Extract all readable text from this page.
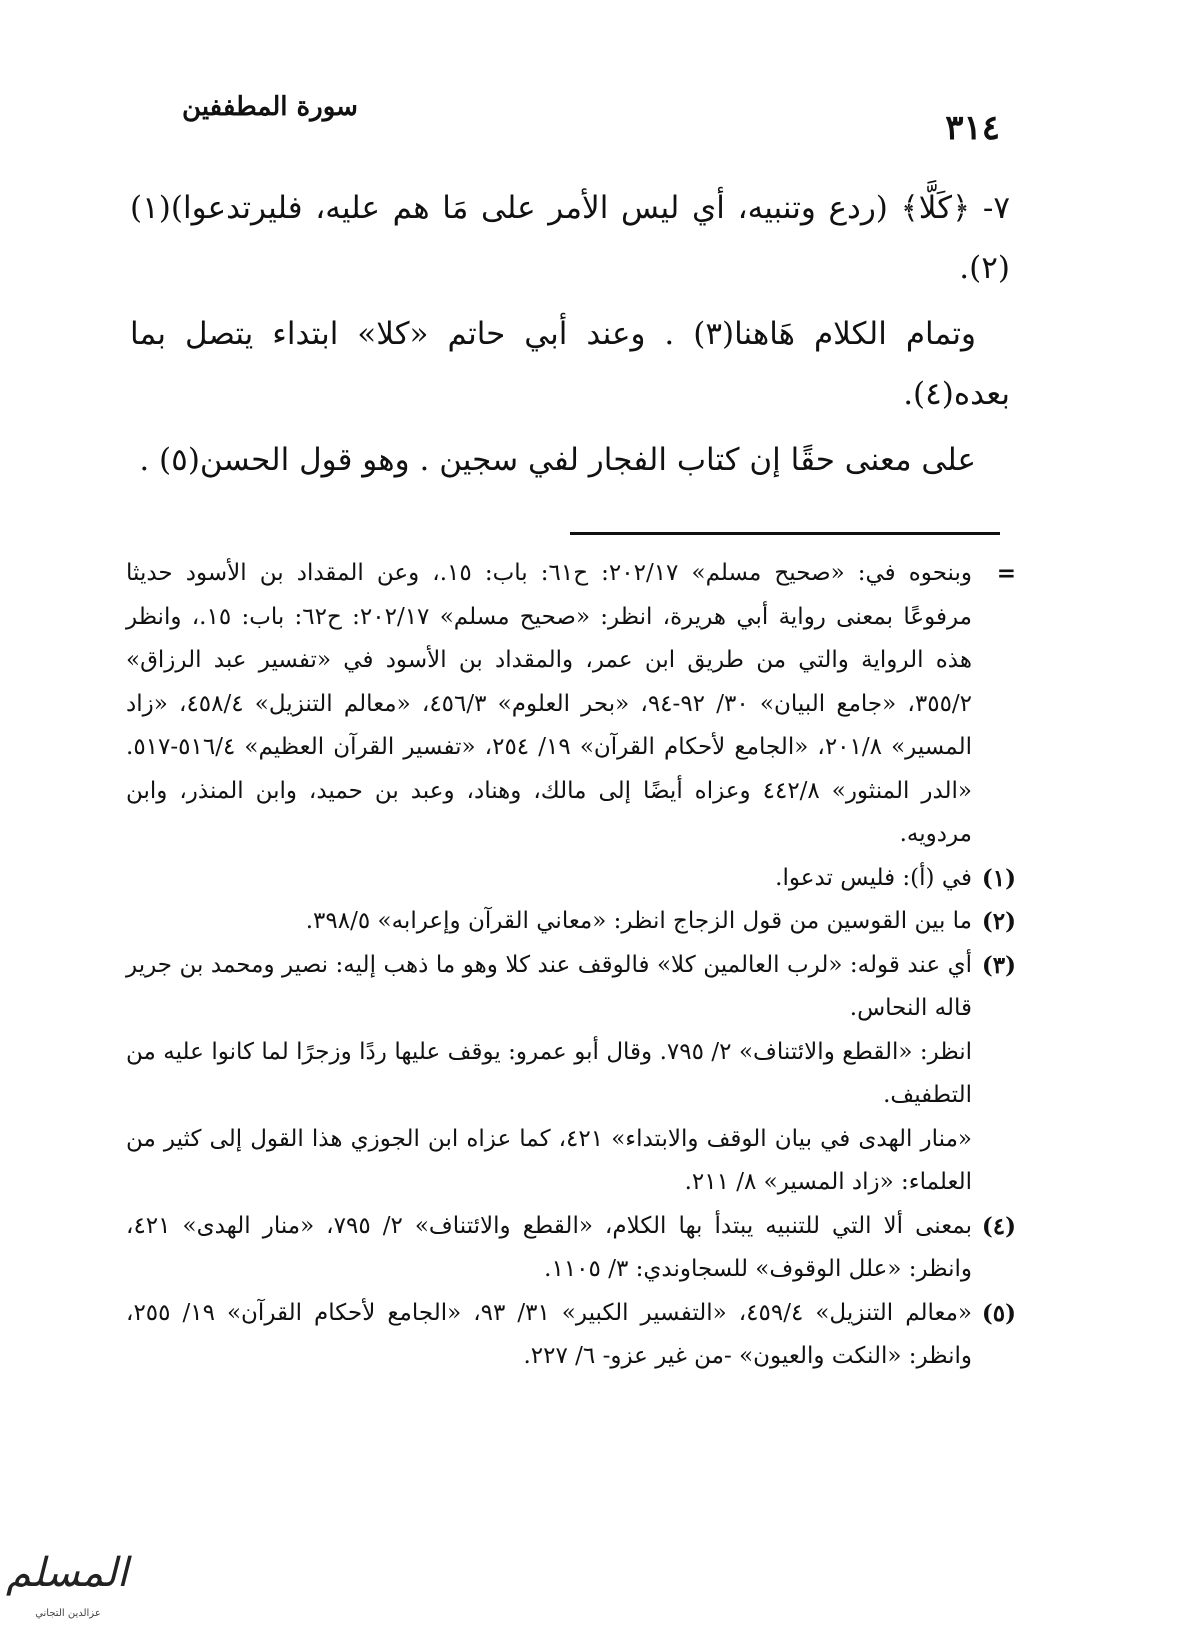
سورة المطففين
٣١٤

٧- ﴿كَلَّا﴾ (ردع وتنبيه، أي ليس الأمر على مَا هم عليه، فليرتدعوا)(١)(٢).

وتمام الكلام هَاهنا(٣) . وعند أبي حاتم «كلا» ابتداء يتصل بما بعده(٤).

على معنى حقًا إن كتاب الفجار لفي سجين . وهو قول الحسن(٥) .

=

وبنحوه في: «صحيح مسلم» ٢٠٢/١٧: ح٦١: باب: ١٥.، وعن المقداد بن الأسود حديثا مرفوعًا بمعنى رواية أبي هريرة، انظر: «صحيح مسلم» ٢٠٢/١٧: ح٦٢: باب: ١٥.، وانظر هذه الرواية والتي من طريق ابن عمر، والمقداد بن الأسود في «تفسير عبد الرزاق» ٣٥٥/٢، «جامع البيان» ٣٠/ ٩٢-٩٤، «بحر العلوم» ٤٥٦/٣، «معالم التنزيل» ٤٥٨/٤، «زاد المسير» ٢٠١/٨، «الجامع لأحكام القرآن» ١٩/ ٢٥٤، «تفسير القرآن العظيم» ٥١٦/٤-٥١٧. «الدر المنثور» ٤٤٢/٨ وعزاه أيضًا إلى مالك، وهناد، وعبد بن حميد، وابن المنذر، وابن مردويه.

(١)

في (أ): فليس تدعوا.

(٢)

ما بين القوسين من قول الزجاج انظر: «معاني القرآن وإعرابه» ٣٩٨/٥.

(٣)

أي عند قوله: «لرب العالمين كلا» فالوقف عند كلا وهو ما ذهب إليه: نصير ومحمد بن جرير قاله النحاس.

انظر: «القطع والائتناف» ٢/ ٧٩٥. وقال أبو عمرو: يوقف عليها ردًا وزجرًا لما كانوا عليه من التطفيف.

«منار الهدى في بيان الوقف والابتداء» ٤٢١، كما عزاه ابن الجوزي هذا القول إلى كثير من العلماء: «زاد المسير» ٨/ ٢١١.

(٤)

بمعنى ألا التي للتنبيه يبتدأ بها الكلام، «القطع والائتناف» ٢/ ٧٩٥، «منار الهدى» ٤٢١، وانظر: «علل الوقوف» للسجاوندي: ٣/ ١١٠٥.

(٥)

«معالم التنزيل» ٤٥٩/٤، «التفسير الكبير» ٣١/ ٩٣، «الجامع لأحكام القرآن» ١٩/ ٢٥٥، وانظر: «النكت والعيون» -من غير عزو- ٦/ ٢٢٧.

المسلم
عزالدين التجاني
